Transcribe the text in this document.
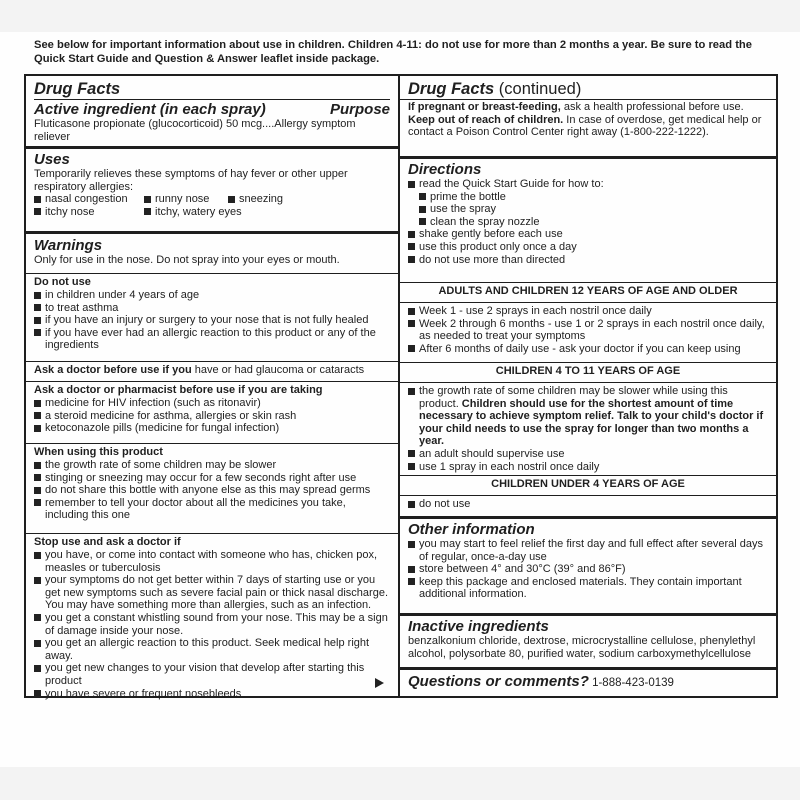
See below for important information about use in children. Children 4-11: do not use for more than 2 months a year. Be sure to read the Quick Start Guide and Question & Answer leaflet inside package.
Drug Facts
Active ingredient (in each spray)	Purpose
Fluticasone propionate (glucocorticoid) 50 mcg....Allergy symptom reliever
Uses
Temporarily relieves these symptoms of hay fever or other upper respiratory allergies:
nasal congestion
itchy nose
runny nose	sneezing
itchy, watery eyes
Warnings
Only for use in the nose. Do not spray into your eyes or mouth.
Do not use
in children under 4 years of age
to treat asthma
if you have an injury or surgery to your nose that is not fully healed
if you have ever had an allergic reaction to this product or any of the ingredients
Ask a doctor before use if you have or had glaucoma or cataracts
Ask a doctor or pharmacist before use if you are taking
medicine for HIV infection (such as ritonavir)
a steroid medicine for asthma, allergies or skin rash
ketoconazole pills (medicine for fungal infection)
When using this product
the growth rate of some children may be slower
stinging or sneezing may occur for a few seconds right after use
do not share this bottle with anyone else as this may spread germs
remember to tell your doctor about all the medicines you take, including this one
Stop use and ask a doctor if
you have, or come into contact with someone who has, chicken pox, measles or tuberculosis
your symptoms do not get better within 7 days of starting use or you get new symptoms such as severe facial pain or thick nasal discharge. You may have something more than allergies, such as an infection.
you get a constant whistling sound from your nose. This may be a sign of damage inside your nose.
you get an allergic reaction to this product. Seek medical help right away.
you get new changes to your vision that develop after starting this product
you have severe or frequent nosebleeds
Drug Facts (continued)
If pregnant or breast-feeding, ask a health professional before use.
Keep out of reach of children. In case of overdose, get medical help or contact a Poison Control Center right away (1-800-222-1222).
Directions
read the Quick Start Guide for how to:
prime the bottle
use the spray
clean the spray nozzle
shake gently before each use
use this product only once a day
do not use more than directed
ADULTS AND CHILDREN 12 YEARS OF AGE AND OLDER
Week 1 - use 2 sprays in each nostril once daily
Week 2 through 6 months - use 1 or 2 sprays in each nostril once daily, as needed to treat your symptoms
After 6 months of daily use - ask your doctor if you can keep using
CHILDREN 4 TO 11 YEARS OF AGE
the growth rate of some children may be slower while using this product. Children should use for the shortest amount of time necessary to achieve symptom relief. Talk to your child's doctor if your child needs to use the spray for longer than two months a year.
an adult should supervise use
use 1 spray in each nostril once daily
CHILDREN UNDER 4 YEARS OF AGE
do not use
Other information
you may start to feel relief the first day and full effect after several days of regular, once-a-day use
store between 4° and 30°C (39° and 86°F)
keep this package and enclosed materials. They contain important additional information.
Inactive ingredients
benzalkonium chloride, dextrose, microcrystalline cellulose, phenylethyl alcohol, polysorbate 80, purified water, sodium carboxymethylcellulose
Questions or comments? 1-888-423-0139
